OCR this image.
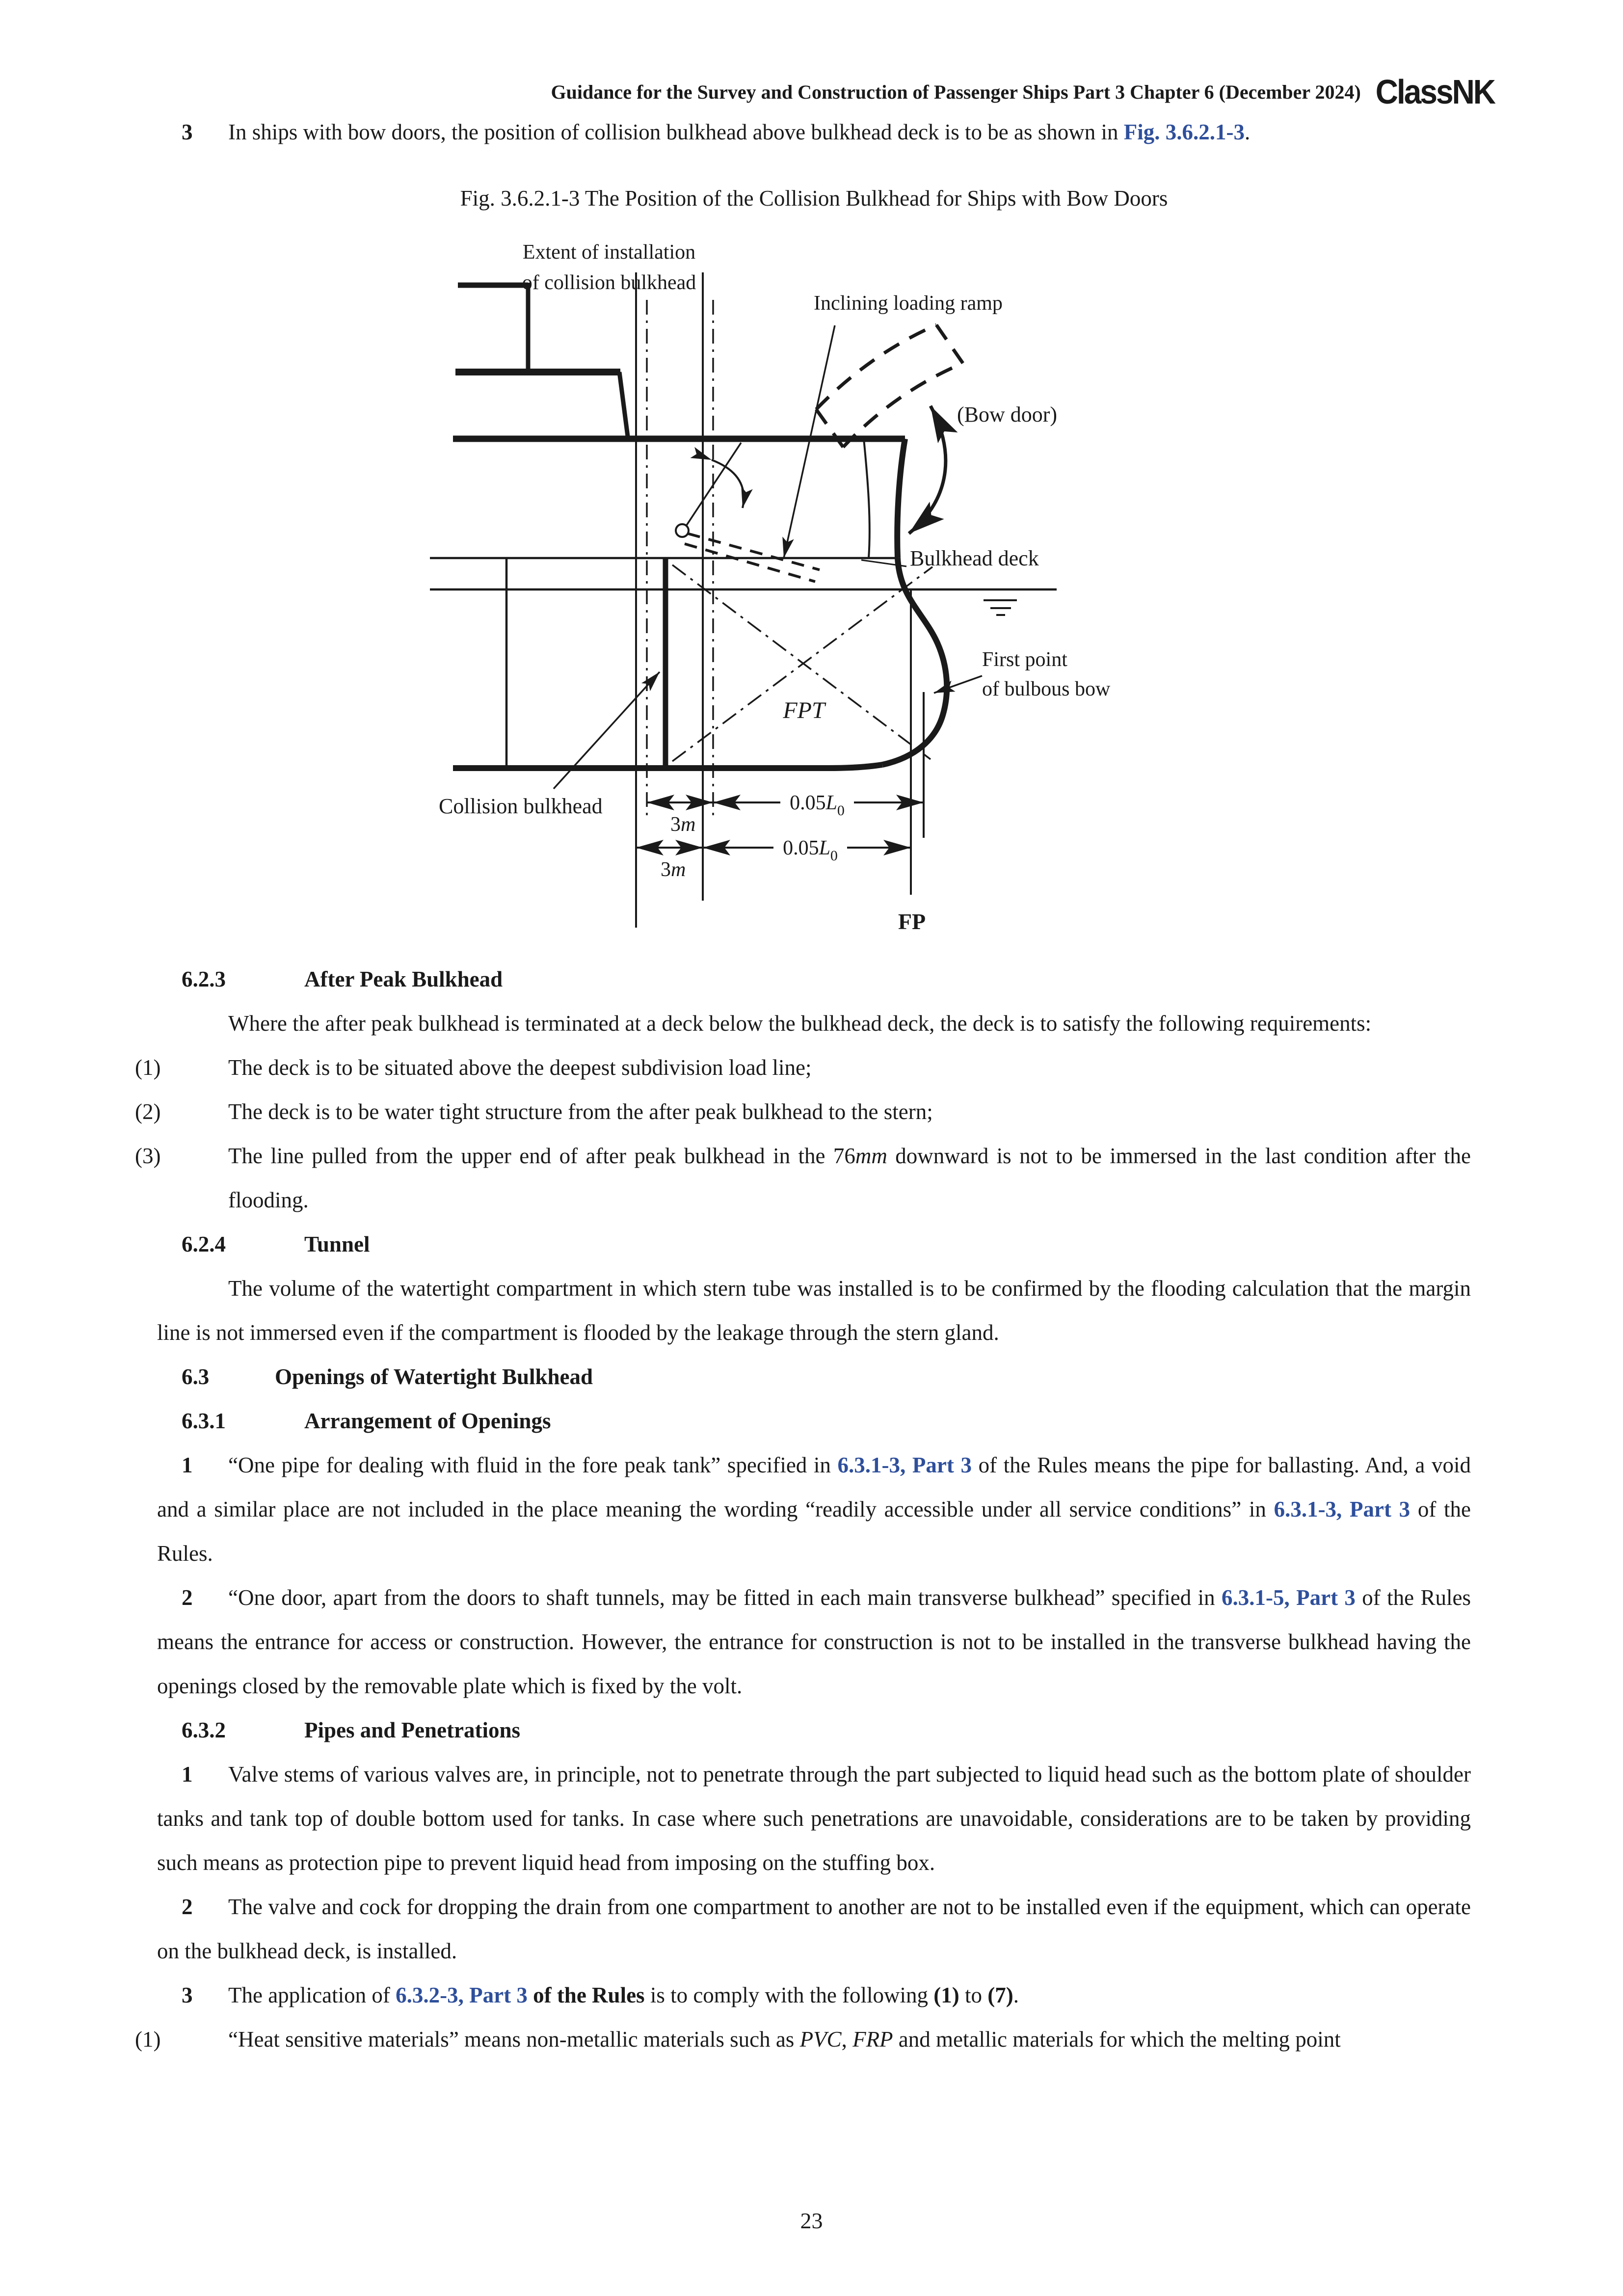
Guidance for the Survey and Construction of Passenger Ships Part 3 Chapter 6 (December 2024) ClassNK

3 In ships with bow doors, the position of collision bulkhead above bulkhead deck is to be as shown in Fig. 3.6.2.1-3.

Fig. 3.6.2.1-3 The Position of the Collision Bulkhead for Ships with Bow Doors

Extent of installation
of collision bulkhead
Inclining loading ramp
(Bow door)
Bulkhead deck
First point
of bulbous bow
FPT
Collision bulkhead
3m
$0.05L_0$
3m
$0.05L_0$
FP

6.2.3	After Peak Bulkhead

Where the after peak bulkhead is terminated at a deck below the bulkhead deck, the deck is to satisfy the following requirements:

(1)	The deck is to be situated above the deepest subdivision load line;

(2)	The deck is to be water tight structure from the after peak bulkhead to the stern;

(3)	The line pulled from the upper end of after peak bulkhead in the 76mm downward is not to be immersed in the last condition after the flooding.

6.2.4	Tunnel

The volume of the watertight compartment in which stern tube was installed is to be confirmed by the flooding calculation that the margin line is not immersed even if the compartment is flooded by the leakage through the stern gland.

6.3	Openings of Watertight Bulkhead

6.3.1	Arrangement of Openings

1 “One pipe for dealing with fluid in the fore peak tank” specified in 6.3.1-3, Part 3 of the Rules means the pipe for ballasting. And, a void and a similar place are not included in the place meaning the wording “readily accessible under all service conditions” in 6.3.1-3, Part 3 of the Rules.

2 “One door, apart from the doors to shaft tunnels, may be fitted in each main transverse bulkhead” specified in 6.3.1-5, Part 3 of the Rules means the entrance for access or construction. However, the entrance for construction is not to be installed in the transverse bulkhead having the openings closed by the removable plate which is fixed by the volt.

6.3.2	Pipes and Penetrations

1 Valve stems of various valves are, in principle, not to penetrate through the part subjected to liquid head such as the bottom plate of shoulder tanks and tank top of double bottom used for tanks. In case where such penetrations are unavoidable, considerations are to be taken by providing such means as protection pipe to prevent liquid head from imposing on the stuffing box.

2 The valve and cock for dropping the drain from one compartment to another are not to be installed even if the equipment, which can operate on the bulkhead deck, is installed.

3 The application of 6.3.2-3, Part 3 of the Rules is to comply with the following (1) to (7).

(1)	“Heat sensitive materials” means non-metallic materials such as PVC, FRP and metallic materials for which the melting point

23
